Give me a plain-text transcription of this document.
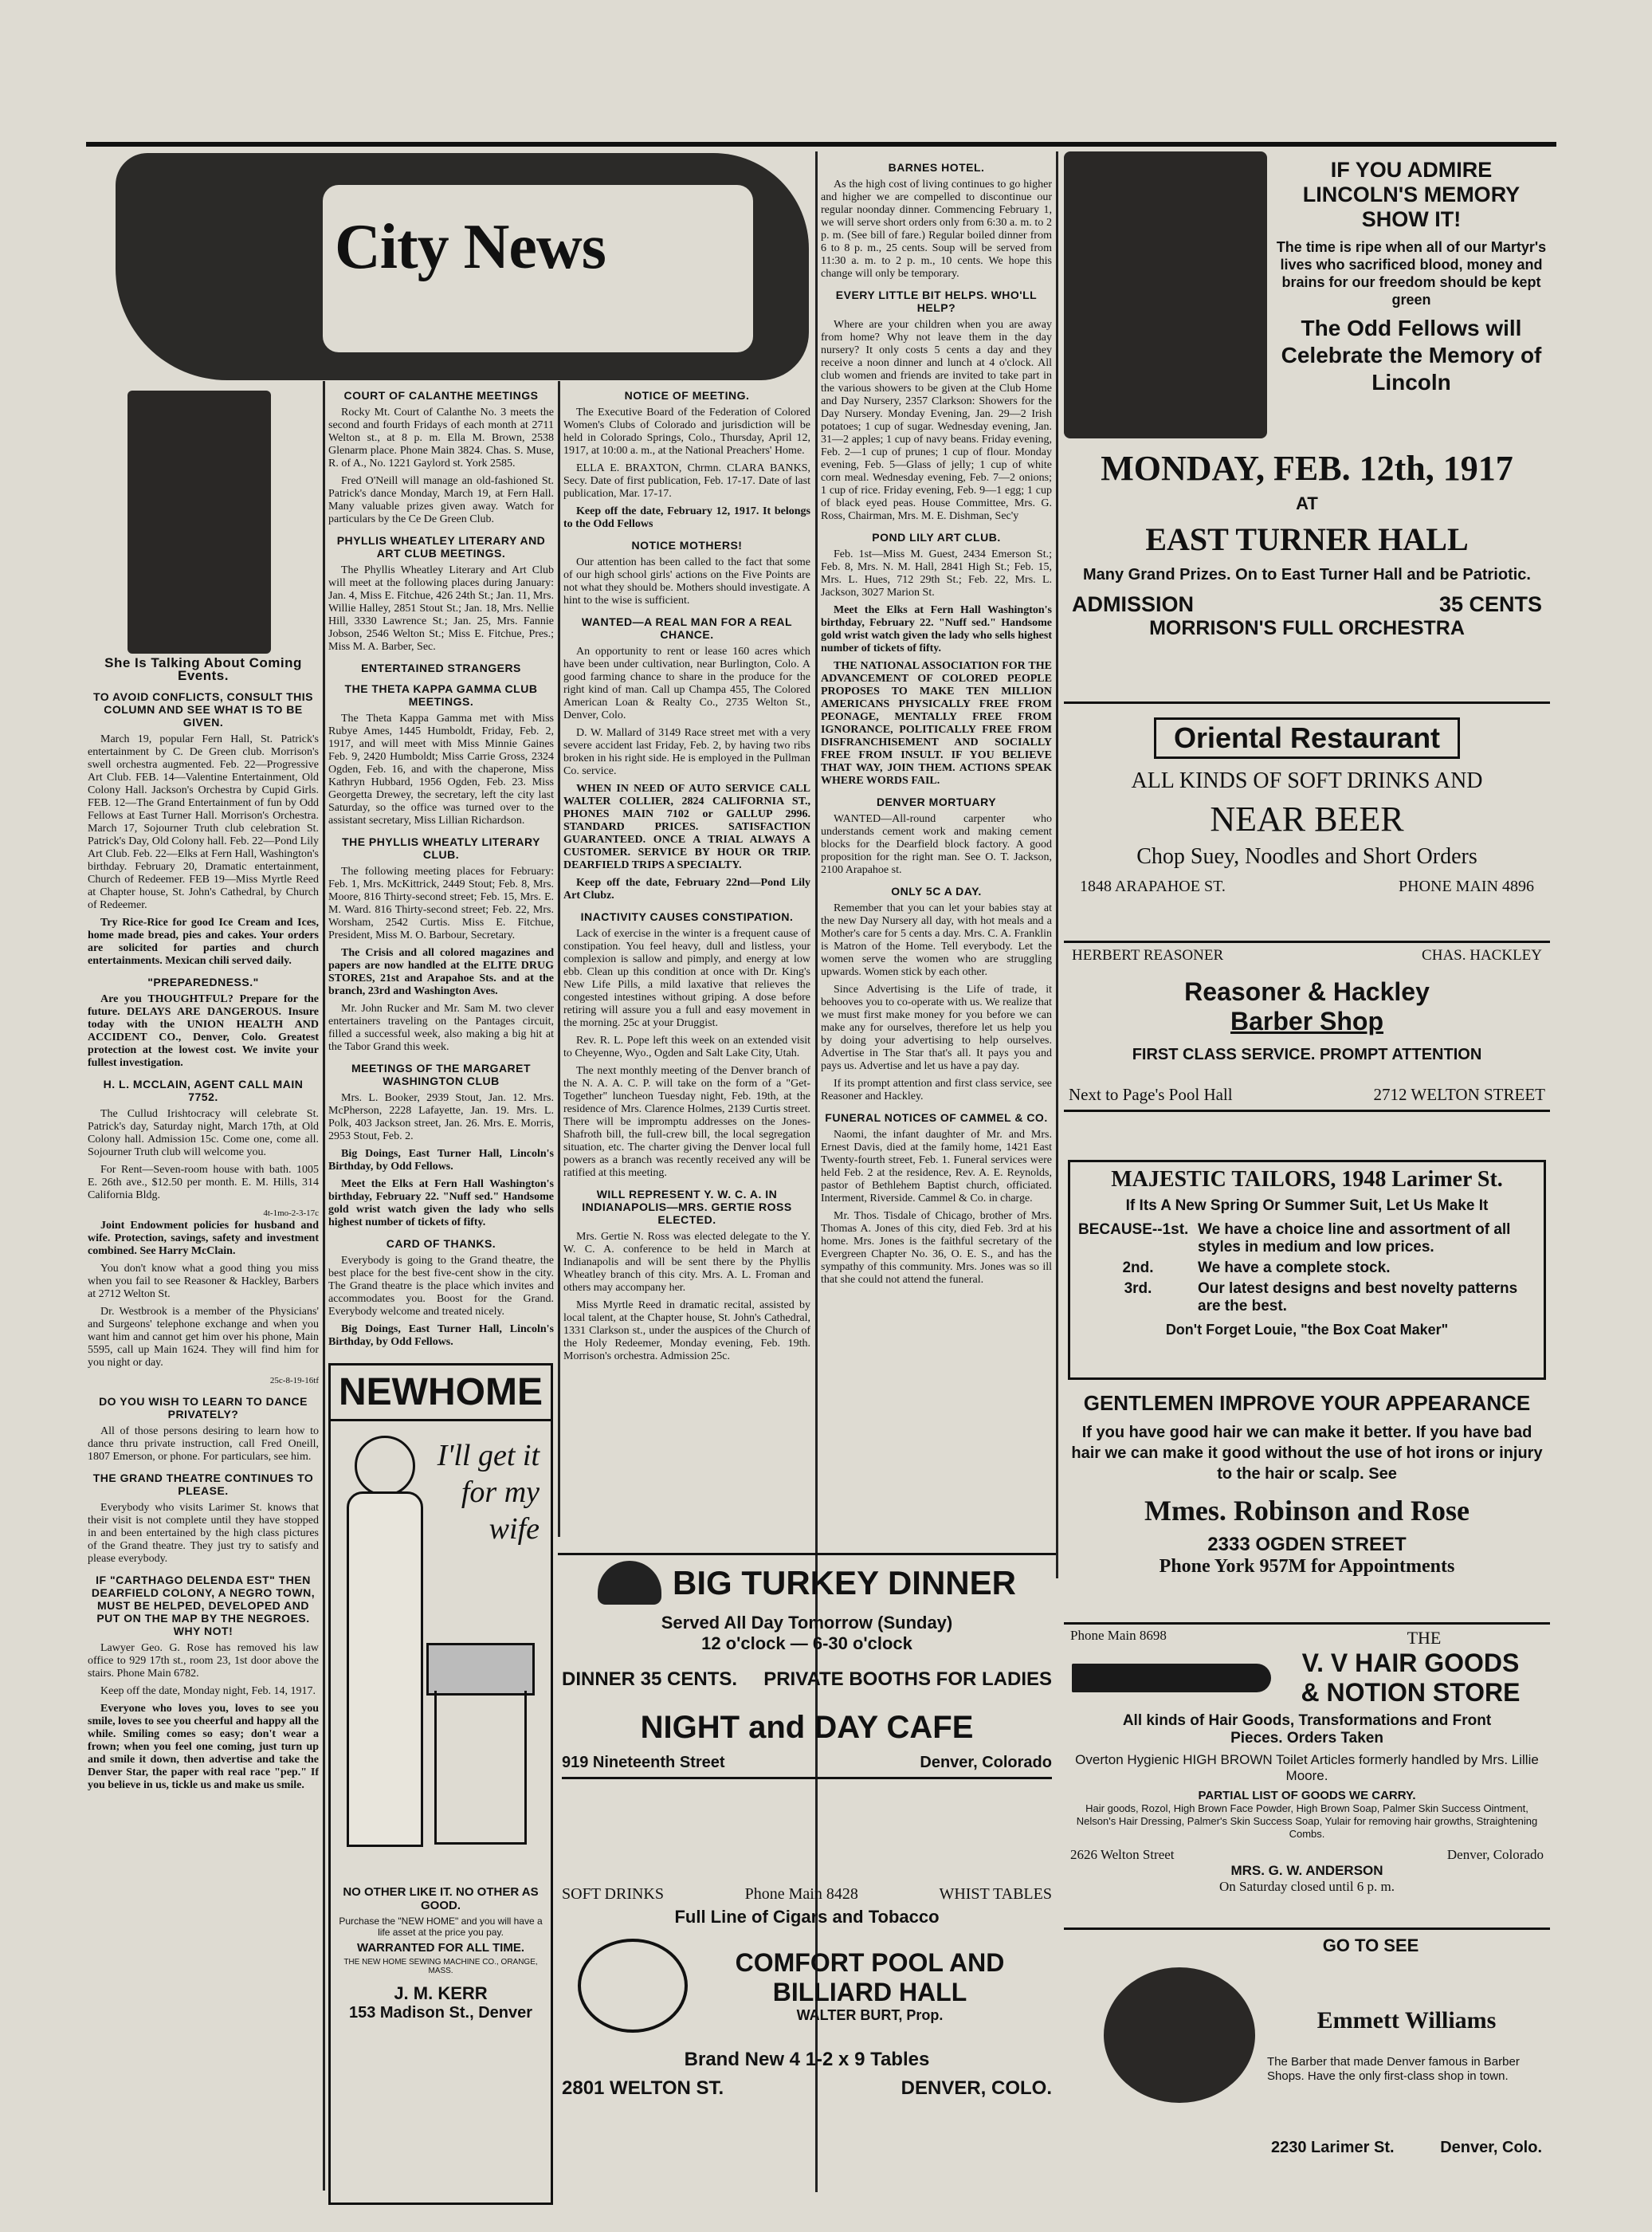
City News
She Is Talking About Coming Events.
TO AVOID CONFLICTS, CONSULT THIS COLUMN AND SEE WHAT IS TO BE GIVEN.

March 19, popular Fern Hall, St. Patrick's entertainment by C. De Green club. Morrison's swell orchestra augmented. Feb. 22—Progressive Art Club. FEB. 14—Valentine Entertainment, Old Colony Hall. Jackson's Orchestra by Cupid Girls. FEB. 12—The Grand Entertainment of fun by Odd Fellows at East Turner Hall. Morrison's Orchestra. March 17, Sojourner Truth club celebration St. Patrick's Day, Old Colony hall. Feb. 22—Pond Lily Art Club. Feb. 22—Elks at Fern Hall, Washington's birthday. February 20, Dramatic entertainment, Church of Redeemer. FEB 19—Miss Myrtle Reed at Chapter house, St. John's Cathedral, by Church of Redeemer.

Try Rice-Rice for good Ice Cream and Ices, home made bread, pies and cakes. Your orders are solicited for parties and church entertainments. Mexican chili served daily.

"PREPAREDNESS."

Are you THOUGHTFUL? Prepare for the future. DELAYS ARE DANGEROUS. Insure today with the UNION HEALTH AND ACCIDENT CO., Denver, Colo. Greatest protection at the lowest cost. We invite your fullest investigation.

H. L. MCCLAIN, AGENT CALL MAIN 7752.

The Cullud Irishtocracy will celebrate St. Patrick's day, Saturday night, March 17th, at Old Colony hall. Admission 15c. Come one, come all. Sojourner Truth club will welcome you.

For Rent—Seven-room house with bath. 1005 E. 26th ave., $12.50 per month. E. M. Hills, 314 California Bldg.

4t-1mo-2-3-17c

Joint Endowment policies for husband and wife. Protection, savings, safety and investment combined. See Harry McClain.

You don't know what a good thing you miss when you fail to see Reasoner & Hackley, Barbers at 2712 Welton St.

Dr. Westbrook is a member of the Physicians' and Surgeons' telephone exchange and when you want him and cannot get him over his phone, Main 5595, call up Main 1624. They will find him for you night or day.

25c-8-19-16tf
DO YOU WISH TO LEARN TO DANCE PRIVATELY?

All of those persons desiring to learn how to dance thru private instruction, call Fred Oneill, 1807 Emerson, or phone. For particulars, see him.

THE GRAND THEATRE CONTINUES TO PLEASE.

Everybody who visits Larimer St. knows that their visit is not complete until they have stopped in and been entertained by the high class pictures of the Grand theatre. They just try to satisfy and please everybody.

IF "CARTHAGO DELENDA EST" THEN DEARFIELD COLONY, A NEGRO TOWN, MUST BE HELPED, DEVELOPED AND PUT ON THE MAP BY THE NEGROES. WHY NOT!

Lawyer Geo. G. Rose has removed his law office to 929 17th st., room 23, 1st door above the stairs. Phone Main 6782.

Keep off the date, Monday night, Feb. 14, 1917.

Everyone who loves you, loves to see you smile, loves to see you cheerful and happy all the while. Smiling comes so easy; don't wear a frown; when you feel one coming, just turn up and smile it down, then advertise and take the Denver Star, the paper with real race "pep." If you believe in us, tickle us and make us smile.

COURT OF CALANTHE MEETINGS

Rocky Mt. Court of Calanthe No. 3 meets the second and fourth Fridays of each month at 2711 Welton st., at 8 p. m. Ella M. Brown, 2538 Glenarm place. Phone Main 3824. Chas. S. Muse, R. of A., No. 1221 Gaylord st. York 2585.

Fred O'Neill will manage an old-fashioned St. Patrick's dance Monday, March 19, at Fern Hall. Many valuable prizes given away. Watch for particulars by the Ce De Green Club.

PHYLLIS WHEATLEY LITERARY AND ART CLUB MEETINGS.

The Phyllis Wheatley Literary and Art Club will meet at the following places during January: Jan. 4, Miss E. Fitchue, 426 24th St.; Jan. 11, Mrs. Willie Halley, 2851 Stout St.; Jan. 18, Mrs. Nellie Hill, 3330 Lawrence St.; Jan. 25, Mrs. Fannie Jobson, 2546 Welton St.; Miss E. Fitchue, Pres.; Miss M. A. Barber, Sec.

ENTERTAINED STRANGERS
THE THETA KAPPA GAMMA CLUB MEETINGS.

The Theta Kappa Gamma met with Miss Rubye Ames, 1445 Humboldt, Friday, Feb. 2, 1917, and will meet with Miss Minnie Gaines Feb. 9, 2420 Humboldt; Miss Carrie Gross, 2324 Ogden, Feb. 16, and with the chaperone, Miss Kathryn Hubbard, 1956 Ogden, Feb. 23. Miss Georgetta Drewey, the secretary, left the city last Saturday, so the office was turned over to the assistant secretary, Miss Lillian Richardson.

THE PHYLLIS WHEATLY LITERARY CLUB.

The following meeting places for February: Feb. 1, Mrs. McKittrick, 2449 Stout; Feb. 8, Mrs. Moore, 816 Thirty-second street; Feb. 15, Mrs. E. M. Ward. 816 Thirty-second street; Feb. 22, Mrs. Worsham, 2542 Curtis. Miss E. Fitchue, President, Miss M. O. Barbour, Secretary.

The Crisis and all colored magazines and papers are now handled at the ELITE DRUG STORES, 21st and Arapahoe Sts. and at the branch, 23rd and Washington Aves.

Mr. John Rucker and Mr. Sam M. two clever entertainers traveling on the Pantages circuit, filled a successful week, also making a big hit at the Tabor Grand this week.

MEETINGS OF THE MARGARET WASHINGTON CLUB

Mrs. L. Booker, 2939 Stout, Jan. 12. Mrs. McPherson, 2228 Lafayette, Jan. 19. Mrs. L. Polk, 403 Jackson street, Jan. 26. Mrs. E. Morris, 2953 Stout, Feb. 2.

Big Doings, East Turner Hall, Lincoln's Birthday, by Odd Fellows.

Meet the Elks at Fern Hall Washington's birthday, February 22. "Nuff sed." Handsome gold wrist watch given the lady who sells highest number of tickets of fifty.

CARD OF THANKS.

Everybody is going to the Grand theatre, the best place for the best five-cent show in the city. The Grand theatre is the place which invites and accommodates you. Boost for the Grand. Everybody welcome and treated nicely.

Big Doings, East Turner Hall, Lincoln's Birthday, by Odd Fellows.

NEWHOME
I'll get it for my wife
NO OTHER LIKE IT. NO OTHER AS GOOD.
Purchase the "NEW HOME" and you will have a life asset at the price you pay.
WARRANTED FOR ALL TIME.
THE NEW HOME SEWING MACHINE CO., ORANGE, MASS.
J. M. KERR
153 Madison St., Denver
NOTICE OF MEETING.

The Executive Board of the Federation of Colored Women's Clubs of Colorado and jurisdiction will be held in Colorado Springs, Colo., Thursday, April 12, 1917, at 10:00 a. m., at the National Preachers' Home.

ELLA E. BRAXTON, Chrmn. CLARA BANKS, Secy. Date of first publication, Feb. 17-17. Date of last publication, Mar. 17-17.

Keep off the date, February 12, 1917. It belongs to the Odd Fellows

NOTICE MOTHERS!

Our attention has been called to the fact that some of our high school girls' actions on the Five Points are not what they should be. Mothers should investigate. A hint to the wise is sufficient.

WANTED—A REAL MAN FOR A REAL CHANCE.

An opportunity to rent or lease 160 acres which have been under cultivation, near Burlington, Colo. A good farming chance to share in the produce for the right kind of man. Call up Champa 455, The Colored American Loan & Realty Co., 2735 Welton St., Denver, Colo.

D. W. Mallard of 3149 Race street met with a very severe accident last Friday, Feb. 2, by having two ribs broken in his right side. He is employed in the Pullman Co. service.

WHEN IN NEED OF AUTO SERVICE CALL WALTER COLLIER, 2824 CALIFORNIA ST., PHONES MAIN 7102 or GALLUP 2996. STANDARD PRICES. SATISFACTION GUARANTEED. ONCE A TRIAL ALWAYS A CUSTOMER. SERVICE BY HOUR OR TRIP. DEARFIELD TRIPS A SPECIALTY.

Keep off the date, February 22nd—Pond Lily Art Clubz.

INACTIVITY CAUSES CONSTIPATION.

Lack of exercise in the winter is a frequent cause of constipation. You feel heavy, dull and listless, your complexion is sallow and pimply, and energy at low ebb. Clean up this condition at once with Dr. King's New Life Pills, a mild laxative that relieves the congested intestines without griping. A dose before retiring will assure you a full and easy movement in the morning. 25c at your Druggist.

Rev. R. L. Pope left this week on an extended visit to Cheyenne, Wyo., Ogden and Salt Lake City, Utah.

The next monthly meeting of the Denver branch of the N. A. A. C. P. will take on the form of a "Get-Together" luncheon Tuesday night, Feb. 19th, at the residence of Mrs. Clarence Holmes, 2139 Curtis street. There will be impromptu addresses on the Jones-Shafroth bill, the full-crew bill, the local segregation situation, etc. The charter giving the Denver local full powers as a branch was recently received any will be ratified at this meeting.

WILL REPRESENT Y. W. C. A. IN INDIANAPOLIS—MRS. GERTIE ROSS ELECTED.

Mrs. Gertie N. Ross was elected delegate to the Y. W. C. A. conference to be held in March at Indianapolis and will be sent there by the Phyllis Wheatley branch of this city. Mrs. A. L. Froman and others may accompany her.

Miss Myrtle Reed in dramatic recital, assisted by local talent, at the Chapter house, St. John's Cathedral, 1331 Clarkson st., under the auspices of the Church of the Holy Redeemer, Monday evening, Feb. 19th. Morrison's orchestra. Admission 25c.

BARNES HOTEL.

As the high cost of living continues to go higher and higher we are compelled to discontinue our regular noonday dinner. Commencing February 1, we will serve short orders only from 6:30 a. m. to 2 p. m. (See bill of fare.) Regular boiled dinner from 6 to 8 p. m., 25 cents. Soup will be served from 11:30 a. m. to 2 p. m., 10 cents. We hope this change will only be temporary.

EVERY LITTLE BIT HELPS. WHO'LL HELP?

Where are your children when you are away from home? Why not leave them in the day nursery? It only costs 5 cents a day and they receive a noon dinner and lunch at 4 o'clock. All club women and friends are invited to take part in the various showers to be given at the Club Home and Day Nursery, 2357 Clarkson: Showers for the Day Nursery. Monday Evening, Jan. 29—2 Irish potatoes; 1 cup of sugar. Wednesday evening, Jan. 31—2 apples; 1 cup of navy beans. Friday evening, Feb. 2—1 cup of prunes; 1 cup of flour. Monday evening, Feb. 5—Glass of jelly; 1 cup of white corn meal. Wednesday evening, Feb. 7—2 onions; 1 cup of rice. Friday evening, Feb. 9—1 egg; 1 cup of black eyed peas. House Committee, Mrs. G. Ross, Chairman, Mrs. M. E. Dishman, Sec'y

POND LILY ART CLUB.

Feb. 1st—Miss M. Guest, 2434 Emerson St.; Feb. 8, Mrs. N. M. Hall, 2841 High St.; Feb. 15, Mrs. L. Hues, 712 29th St.; Feb. 22, Mrs. L. Jackson, 3027 Marion St.

Meet the Elks at Fern Hall Washington's birthday, February 22. "Nuff sed." Handsome gold wrist watch given the lady who sells highest number of tickets of fifty.

THE NATIONAL ASSOCIATION FOR THE ADVANCEMENT OF COLORED PEOPLE PROPOSES TO MAKE TEN MILLION AMERICANS PHYSICALLY FREE FROM PEONAGE, MENTALLY FREE FROM IGNORANCE, POLITICALLY FREE FROM DISFRANCHISEMENT AND SOCIALLY FREE FROM INSULT. IF YOU BELIEVE THAT WAY, JOIN THEM. ACTIONS SPEAK WHERE WORDS FAIL.

DENVER MORTUARY

WANTED—All-round carpenter who understands cement work and making cement blocks for the Dearfield block factory. A good proposition for the right man. See O. T. Jackson, 2100 Arapahoe st.

ONLY 5C A DAY.

Remember that you can let your babies stay at the new Day Nursery all day, with hot meals and a Mother's care for 5 cents a day. Mrs. C. A. Franklin is Matron of the Home. Tell everybody. Let the women serve the women who are struggling upwards. Women stick by each other.

Since Advertising is the Life of trade, it behooves you to co-operate with us. We realize that we must first make money for you before we can make any for ourselves, therefore let us help you by doing your advertising to help ourselves. Advertise in The Star that's all. It pays you and pays us. Advertise and let us have a pay day.

If its prompt attention and first class service, see Reasoner and Hackley.

FUNERAL NOTICES OF CAMMEL & CO.

Naomi, the infant daughter of Mr. and Mrs. Ernest Davis, died at the family home, 1421 East Twenty-fourth street, Feb. 1. Funeral services were held Feb. 2 at the residence, Rev. A. E. Reynolds, pastor of Bethlehem Baptist church, officiated. Interment, Riverside. Cammel & Co. in charge.

Mr. Thos. Tisdale of Chicago, brother of Mrs. Thomas A. Jones of this city, died Feb. 3rd at his home. Mrs. Jones is the faithful secretary of the Evergreen Chapter No. 36, O. E. S., and has the sympathy of this community. Mrs. Jones was so ill that she could not attend the funeral.

BIG TURKEY DINNER
Served All Day Tomorrow (Sunday)
12 o'clock — 6-30 o'clock
DINNER 35 CENTS. PRIVATE BOOTHS FOR LADIES
NIGHT and DAY CAFE
919 Nineteenth Street	Denver, Colorado
SOFT DRINKS	Phone Main 8428	WHIST TABLES
Full Line of Cigars and Tobacco
COMFORT POOL AND
BILLIARD HALL
WALTER BURT, Prop.
Brand New 4 1-2 x 9 Tables
2801 WELTON ST.	DENVER, COLO.
IF YOU ADMIRE
LINCOLN'S MEMORY
SHOW IT!
The time is ripe when all of our Martyr's lives who sacrificed blood, money and brains for our freedom should be kept green
The Odd Fellows will Celebrate the Memory of Lincoln
MONDAY, FEB. 12th, 1917
AT
EAST TURNER HALL
Many Grand Prizes. On to East Turner Hall and be Patriotic.
ADMISSION	35 CENTS
MORRISON'S FULL ORCHESTRA
Oriental Restaurant
ALL KINDS OF SOFT DRINKS AND
NEAR BEER
Chop Suey, Noodles and Short Orders
1848 ARAPAHOE ST.	PHONE MAIN 4896
HERBERT REASONER	CHAS. HACKLEY
Reasoner & Hackley
Barber Shop
FIRST CLASS SERVICE. PROMPT ATTENTION
Next to Page's Pool Hall	2712 WELTON STREET
MAJESTIC TAILORS, 1948 Larimer St.
If Its A New Spring Or Summer Suit, Let Us Make It
BECAUSE--1st. We have a choice line and assortment of all styles in medium and low prices.
2nd.	We have a complete stock.
3rd.	Our latest designs and best novelty patterns are the best.
Don't Forget Louie, "the Box Coat Maker"
GENTLEMEN IMPROVE YOUR APPEARANCE
If you have good hair we can make it better. If you have bad hair we can make it good without the use of hot irons or injury to the hair or scalp. See
Mmes. Robinson and Rose
2333 OGDEN STREET
Phone York 957M for Appointments
Phone Main 8698	THE
V. V HAIR GOODS
& NOTION STORE
All kinds of Hair Goods, Transformations and Front Pieces. Orders Taken
Overton Hygienic HIGH BROWN Toilet Articles formerly handled by Mrs. Lillie Moore.
PARTIAL LIST OF GOODS WE CARRY.
Hair goods, Rozol, High Brown Face Powder, High Brown Soap, Palmer Skin Success Ointment, Nelson's Hair Dressing, Palmer's Skin Success Soap, Yulair for removing hair growths, Straightening Combs.
2626 Welton Street	Denver, Colorado
MRS. G. W. ANDERSON
On Saturday closed until 6 p. m.
GO TO SEE
Emmett Williams
The Barber that made Denver famous in Barber Shops. Have the only first-class shop in town.
2230 Larimer St.	Denver, Colo.
